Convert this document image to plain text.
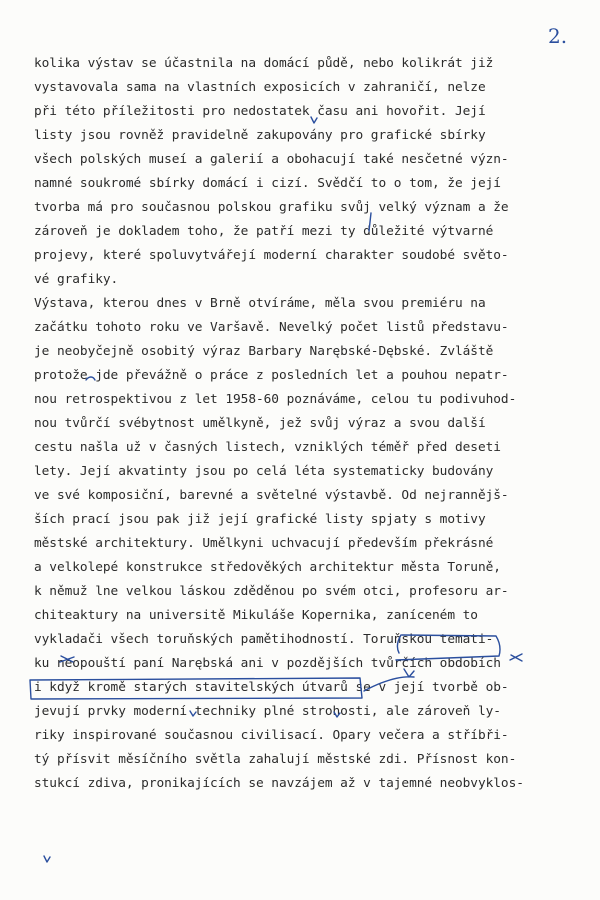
2.
kolika výstav se účastnila na domácí půdě, nebo kolikrát již
vystavovala sama na vlastních exposicích v zahraničí, nelze
při této příležitosti pro nedostatek času ani hovořit. Její
listy jsou rovněž pravidelně zakupovány pro grafické sbírky
všech polských museí a galerií a obohacují také nesčetné význ-
namné soukromé sbírky domácí i cizí. Svědčí to o tom, že její
tvorba má pro současnou polskou grafiku svůj velký význam a že
zároveň je dokladem toho, že patří mezi ty důležité výtvarné
projevy, které spoluvytvářejí moderní charakter soudobé světo-
vé grafiky.
Výstava, kterou dnes v Brně otvíráme, měla svou premiéru na
začátku tohoto roku ve Varšavě. Nevelký počet listů představu-
je neobyčejně osobitý výraz Barbary Narębské-Dębské. Zvláště
protože jde převážně o práce z posledních let a pouhou nepatr-
nou retrospektivou z let 1958-60 poznáváme, celou tu podivuhod-
nou tvůrčí svébytnost umělkyně, jež svůj výraz a svou další
cestu našla už v časných listech, vzniklých téměř před deseti
lety. Její akvatinty jsou po celá léta systematicky budovány
ve své komposiční, barevné a světelné výstavbě. Od nejrannějš-
ších prací jsou pak již její grafické listy spjaty s motivy
městské architektury. Umělkyni uchvacují především překrásné
a velkolepé konstrukce středověkých architektur města Toruně,
k němuž lne velkou láskou zděděnou po svém otci, profesoru ar-
chiteaktury na universitě Mikuláše Kopernika, zaníceném to
vykladači všech toruňských pamětihodností. Toruňskou temati-
ku neopouští paní Narębská ani v pozdějších tvůrčích obdobích
i když kromě starých stavitelských útvarů se v její tvorbě ob-
jevují prvky moderní techniky plné strohosti, ale zároveň ly-
riky inspirované současnou civilisací. Opary večera a stříbři-
tý přísvit měsíčního světla zahalují městské zdi. Přísnost kon-
stukcí zdiva, pronikajících se navzájem až v tajemné neobvyklos-
